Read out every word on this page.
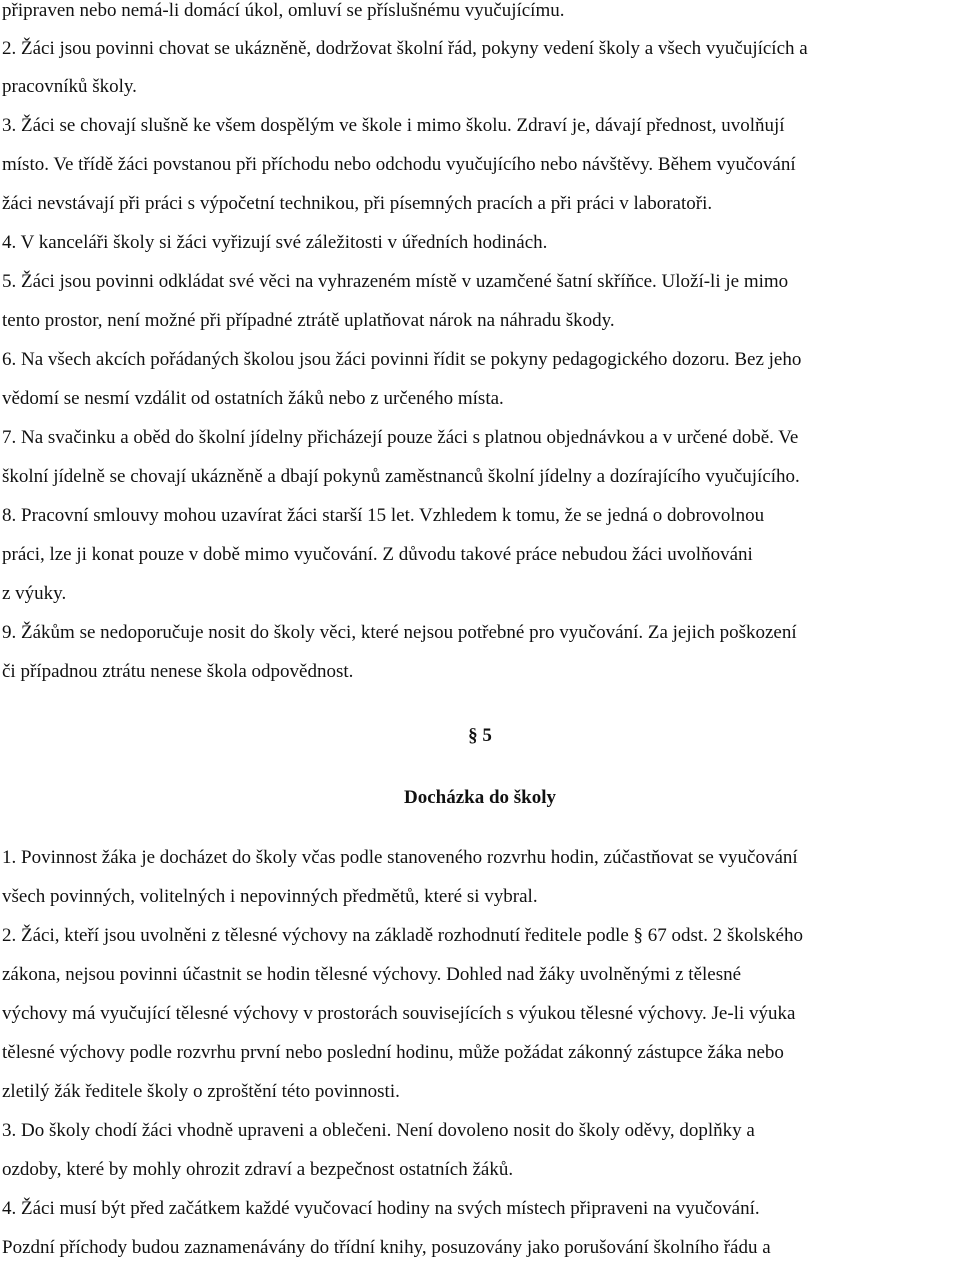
připraven nebo nemá-li domácí úkol, omluví se příslušnému vyučujícímu.
2. Žáci jsou povinni chovat se ukázněně, dodržovat školní řád, pokyny vedení školy a všech vyučujících a
pracovníků školy.
3. Žáci se chovají slušně ke všem dospělým ve škole i mimo školu. Zdraví je, dávají přednost, uvolňují
místo. Ve třídě žáci povstanou při příchodu nebo odchodu vyučujícího nebo návštěvy. Během vyučování
žáci nevstávají při práci s výpočetní technikou, při písemných pracích a při práci v laboratoři.
4. V kanceláři školy si žáci vyřizují své záležitosti v úředních hodinách.
5. Žáci jsou povinni odkládat své věci na vyhrazeném místě v uzamčené šatní skříňce. Uloží-li je mimo
tento prostor, není možné při případné ztrátě uplatňovat nárok na náhradu škody.
6. Na všech akcích pořádaných školou jsou žáci povinni řídit se pokyny pedagogického dozoru. Bez jeho
vědomí se nesmí vzdálit od ostatních žáků nebo z určeného místa.
7. Na svačinku a oběd do školní jídelny přicházejí pouze žáci s platnou objednávkou a v určené době. Ve
školní jídelně se chovají ukázněně a dbají pokynů zaměstnanců školní jídelny a dozírajícího vyučujícího.
8. Pracovní smlouvy mohou uzavírat žáci starší 15 let. Vzhledem k tomu, že se jedná o dobrovolnou
práci, lze ji konat pouze v době mimo vyučování. Z důvodu takové práce nebudou žáci uvolňováni
z výuky.
9. Žákům se nedoporučuje nosit do školy věci, které nejsou potřebné pro vyučování. Za jejich poškození
či případnou ztrátu nenese škola odpovědnost.
§ 5
Docházka do školy
1. Povinnost žáka je docházet do školy včas podle stanoveného rozvrhu hodin, zúčastňovat se vyučování
všech povinných, volitelných i nepovinných předmětů, které si vybral.
2. Žáci, kteří jsou uvolněni z tělesné výchovy na základě rozhodnutí ředitele podle § 67 odst. 2 školského
zákona, nejsou povinni účastnit se hodin tělesné výchovy. Dohled nad žáky uvolněnými z tělesné
výchovy má vyučující tělesné výchovy v prostorách souvisejících s výukou tělesné výchovy. Je-li výuka
tělesné výchovy podle rozvrhu první nebo poslední hodinu, může požádat zákonný zástupce žáka nebo
zletilý žák ředitele školy o zproštění této povinnosti.
3. Do školy chodí žáci vhodně upraveni a oblečeni. Není dovoleno nosit do školy oděvy, doplňky a
ozdoby, které by mohly ohrozit zdraví a bezpečnost ostatních žáků.
4. Žáci musí být před začátkem každé vyučovací hodiny na svých místech připraveni na vyučování.
Pozdní příchody budou zaznamenávány do třídní knihy, posuzovány jako porušování školního řádu a
